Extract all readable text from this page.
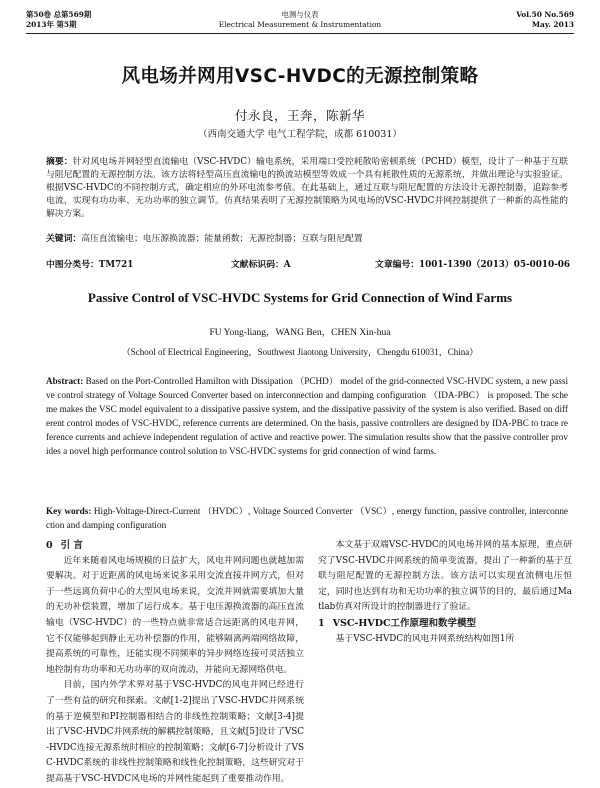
第50卷 总第569期
2013年 第5期
电测与仪表
Electrical Measurement & Instrumentation
Vol.50 No.569
May. 2013
风电场并网用VSC-HVDC的无源控制策略
付永良，王奔，陈新华
（西南交通大学 电气工程学院，成都 610031）
摘要：针对风电场并网轻型直流输电（VSC-HVDC）输电系统，采用端口受控耗散哈密顿系统（PCHD）模型，设计了一种基于互联与阻尼配置的无源控制方法。该方法将轻型高压直流输电的换流站模型等效成一个具有耗散性质的无源系统，并做出理论与实验验证。根据VSC-HVDC的不同控制方式，确定相应的外环电流参考值。在此基础上，通过互联与阻尼配置的方法设计无源控制器，追踪参考电流，实现有功功率、无功功率的独立调节。仿真结果表明了无源控制策略为风电场的VSC-HVDC并网控制提供了一种新的高性能的解决方案。
关键词：高压直流输电；电压源换流器；能量函数；无源控制器；互联与阻尼配置
中图分类号：TM721	文献标识码：A	文章编号：1001-1390（2013）05-0010-06
Passive Control of VSC-HVDC Systems for Grid Connection of Wind Farms
FU Yong-liang，WANG Ben，CHEN Xin-hua
（School of Electrical Engineering，Southwest Jiaotong University，Chengdu 610031，China）
Abstract: Based on the Port-Controlled Hamilton with Dissipation （PCHD） model of the grid-connected VSC-HVDC system, a new passive control strategy of Voltage Sourced Converter based on interconnection and damping configuration （IDA-PBC） is proposed. The scheme makes the VSC model equivalent to a dissipative passive system, and the dissipative passivity of the system is also verified. Based on different control modes of VSC-HVDC, reference currents are determined. On the basis, passive controllers are designed by IDA-PBC to trace reference currents and achieve independent regulation of active and reactive power. The simulation results show that the passive controller provides a novel high performance control solution to VSC-HVDC systems for grid connection of wind farms.
Key words: High-Voltage-Direct-Current （HVDC）, Voltage Sourced Converter （VSC）, energy function, passive controller, interconnection and damping configuration
0 引 言

近年来随着风电场规模的日益扩大，风电并网问题也就越加需要解决。对于近距离的风电场来说多采用交流直接并网方式，但对于一些远离负荷中心的大型风电场来说，交流并网就需要填加大量的无功补偿装置，增加了运行成本。基于电压源换流器的高压直流输电（VSC-HVDC）的一些特点就非常适合远距离的风电并网，它不仅能够起到静止无功补偿器的作用，能够隔离两端网络故障，提高系统的可靠性，还能实现不同频率的异步网络连接可灵活独立地控制有功功率和无功功率的双向流动，并能向无源网络供电。

目前，国内外学术界对基于VSC-HVDC的风电并网已经进行了一些有益的研究和探索。文献[1-2]提出了VSC-HVDC并网系统的基于逆模型和PI控制器相结合的非线性控制策略；文献[3-4]提出了VSC-HVDC并网系统的解耦控制策略，且文献[5]设计了VSC-HVDC连接无源系统时相应的控制策略；文献[6-7]分析设计了VSC-HVDC系统的非线性控制策略和线性化控制策略，这些研究对于提高基于VSC-HVDC风电场的并网性能起到了重要推动作用。

本文基于双端VSC-HVDC的风电场并网的基本原理，重点研究了VSC-HVDC并网系统的简单变流器，提出了一种新的基于互联与阻尼配置的无源控制方法。该方法可以实现直流侧电压恒定，同时也达到有功和无功功率的独立调节的目的，最后通过Matlab仿真对所设计的控制器进行了验证。

1 VSC-HVDC工作原理和数学模型

基于VSC-HVDC的风电并网系统结构如图1所
